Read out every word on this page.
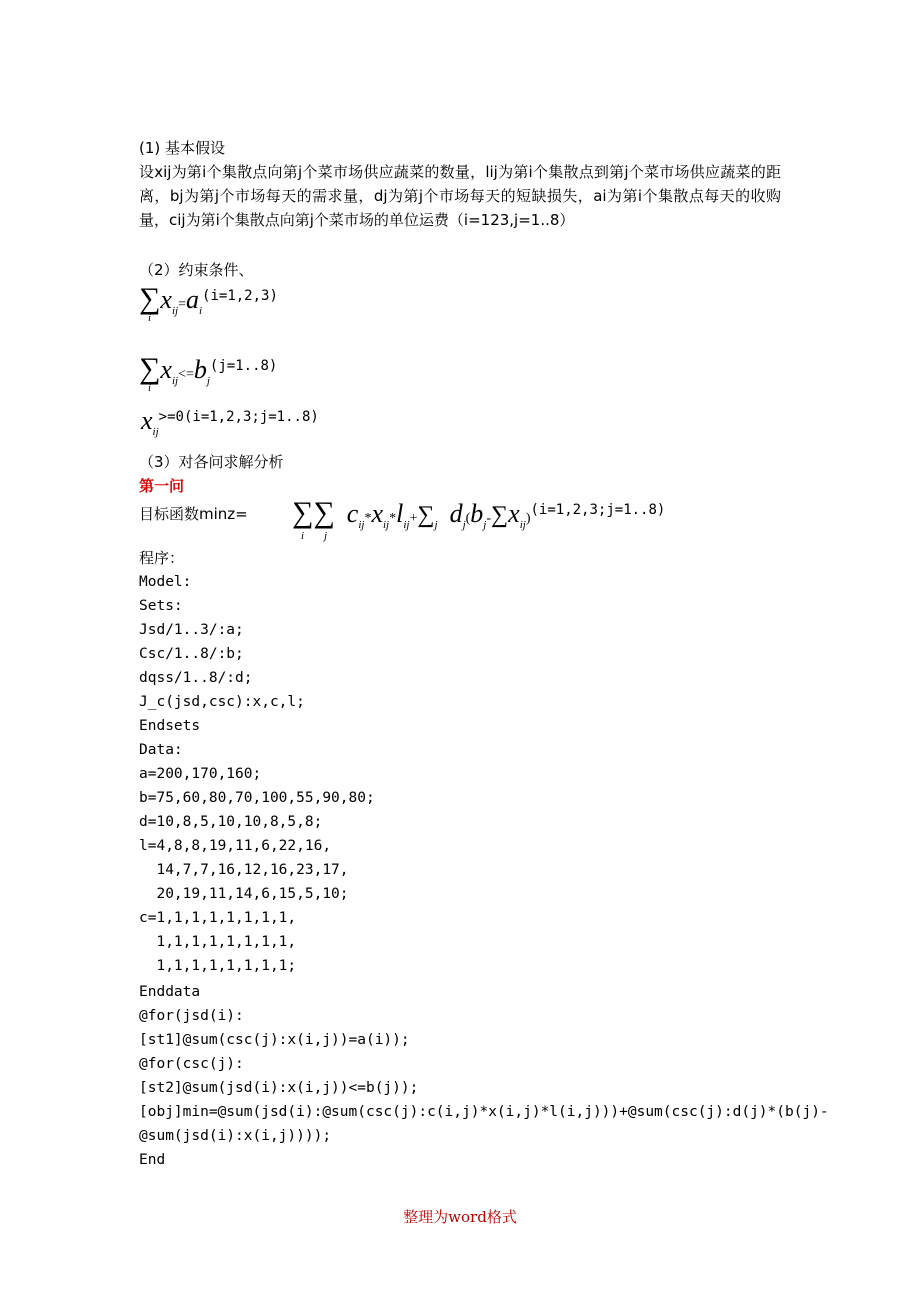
(1) 基本假设
设xij为第i个集散点向第j个菜市场供应蔬菜的数量，lij为第i个集散点到第j个菜市场供应蔬菜的距离，bj为第j个市场每天的需求量，dj为第j个市场每天的短缺损失，ai为第i个集散点每天的收购量，cij为第i个集散点向第j个菜市场的单位运费（i=123,j=1..8）
（2）约束条件、
$\sum x_{ij}=a_i(i=1,2,3)$
i
$\sum x_{ij}<=b_j(j=1..8)$
i
$x_{ij}>=0(i=1,2,3;j=1..8)$
（3）对各问求解分析
第一问
目标函数minz= ∑∑ $c_{ij}*x_{ij}*l_{ij}+\sum_j$ $d_j(b_j-\sum x_{ij})(i=1,2,3;j=1..8)$
i j
程序：
Model:
Sets:
Jsd/1..3/:a;
Csc/1..8/:b;
dqss/1..8/:d;
J_c(jsd,csc):x,c,l;
Endsets
Data:
a=200,170,160;
b=75,60,80,70,100,55,90,80;
d=10,8,5,10,10,8,5,8;
l=4,8,8,19,11,6,22,16,
14,7,7,16,12,16,23,17,
20,19,11,14,6,15,5,10;
c=1,1,1,1,1,1,1,1,
1,1,1,1,1,1,1,1,
1,1,1,1,1,1,1,1;
Enddata
@for(jsd(i):
[st1]@sum(csc(j):x(i,j))=a(i));
@for(csc(j):
[st2]@sum(jsd(i):x(i,j))<=b(j));
[obj]min=@sum(jsd(i):@sum(csc(j):c(i,j)*x(i,j)*l(i,j)))+@sum(csc(j):d(j)*(b(j)-
@sum(jsd(i):x(i,j))));
End
整理为word格式
